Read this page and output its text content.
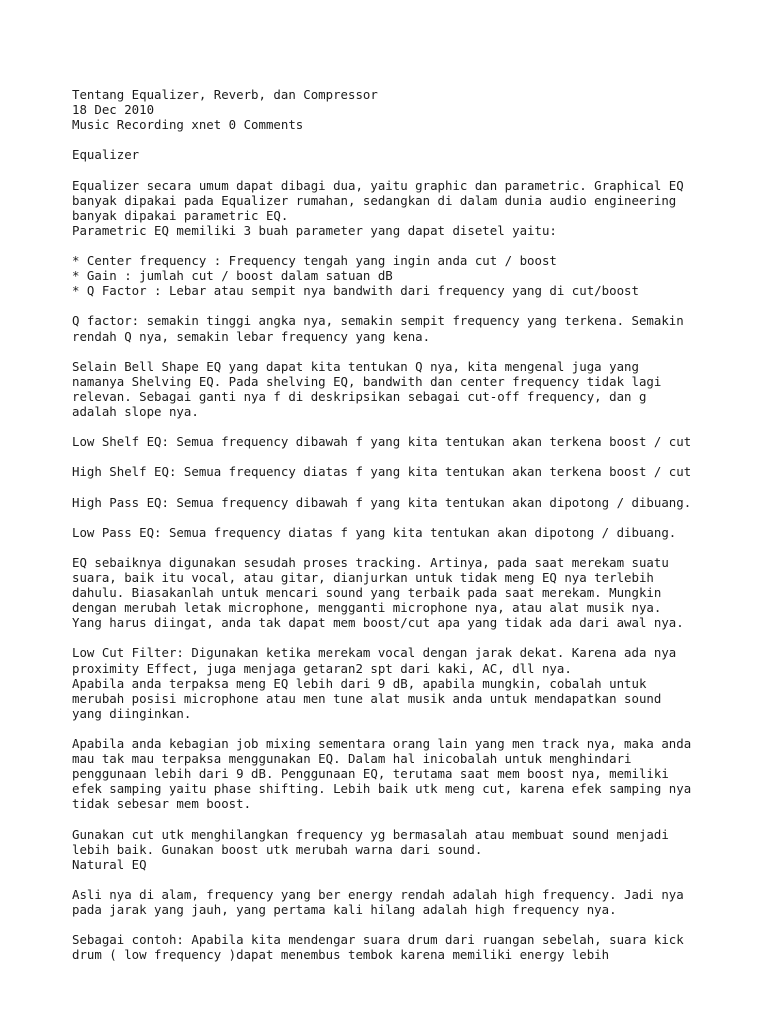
Tentang Equalizer, Reverb, dan Compressor
18 Dec 2010
Music Recording xnet 0 Comments
Equalizer
Equalizer secara umum dapat dibagi dua, yaitu graphic dan parametric. Graphical EQ
banyak dipakai pada Equalizer rumahan, sedangkan di dalam dunia audio engineering
banyak dipakai parametric EQ.
Parametric EQ memiliki 3 buah parameter yang dapat disetel yaitu:
* Center frequency : Frequency tengah yang ingin anda cut / boost
* Gain : jumlah cut / boost dalam satuan dB
* Q Factor : Lebar atau sempit nya bandwith dari frequency yang di cut/boost
Q factor: semakin tinggi angka nya, semakin sempit frequency yang terkena. Semakin
rendah Q nya, semakin lebar frequency yang kena.
Selain Bell Shape EQ yang dapat kita tentukan Q nya, kita mengenal juga yang
namanya Shelving EQ. Pada shelving EQ, bandwith dan center frequency tidak lagi
relevan. Sebagai ganti nya f di deskripsikan sebagai cut-off frequency, dan g
adalah slope nya.
Low Shelf EQ: Semua frequency dibawah f yang kita tentukan akan terkena boost / cut
High Shelf EQ: Semua frequency diatas f yang kita tentukan akan terkena boost / cut
High Pass EQ: Semua frequency dibawah f yang kita tentukan akan dipotong / dibuang.
Low Pass EQ: Semua frequency diatas f yang kita tentukan akan dipotong / dibuang.
EQ sebaiknya digunakan sesudah proses tracking. Artinya, pada saat merekam suatu
suara, baik itu vocal, atau gitar, dianjurkan untuk tidak meng EQ nya terlebih
dahulu. Biasakanlah untuk mencari sound yang terbaik pada saat merekam. Mungkin
dengan merubah letak microphone, mengganti microphone nya, atau alat musik nya.
Yang harus diingat, anda tak dapat mem boost/cut apa yang tidak ada dari awal nya.
Low Cut Filter: Digunakan ketika merekam vocal dengan jarak dekat. Karena ada nya
proximity Effect, juga menjaga getaran2 spt dari kaki, AC, dll nya.
Apabila anda terpaksa meng EQ lebih dari 9 dB, apabila mungkin, cobalah untuk
merubah posisi microphone atau men tune alat musik anda untuk mendapatkan sound
yang diinginkan.
Apabila anda kebagian job mixing sementara orang lain yang men track nya, maka anda
mau tak mau terpaksa menggunakan EQ. Dalam hal inicobalah untuk menghindari
penggunaan lebih dari 9 dB. Penggunaan EQ, terutama saat mem boost nya, memiliki
efek samping yaitu phase shifting. Lebih baik utk meng cut, karena efek samping nya
tidak sebesar mem boost.
Gunakan cut utk menghilangkan frequency yg bermasalah atau membuat sound menjadi
lebih baik. Gunakan boost utk merubah warna dari sound.
Natural EQ
Asli nya di alam, frequency yang ber energy rendah adalah high frequency. Jadi nya
pada jarak yang jauh, yang pertama kali hilang adalah high frequency nya.
Sebagai contoh: Apabila kita mendengar suara drum dari ruangan sebelah, suara kick
drum ( low frequency )dapat menembus tembok karena memiliki energy lebih
